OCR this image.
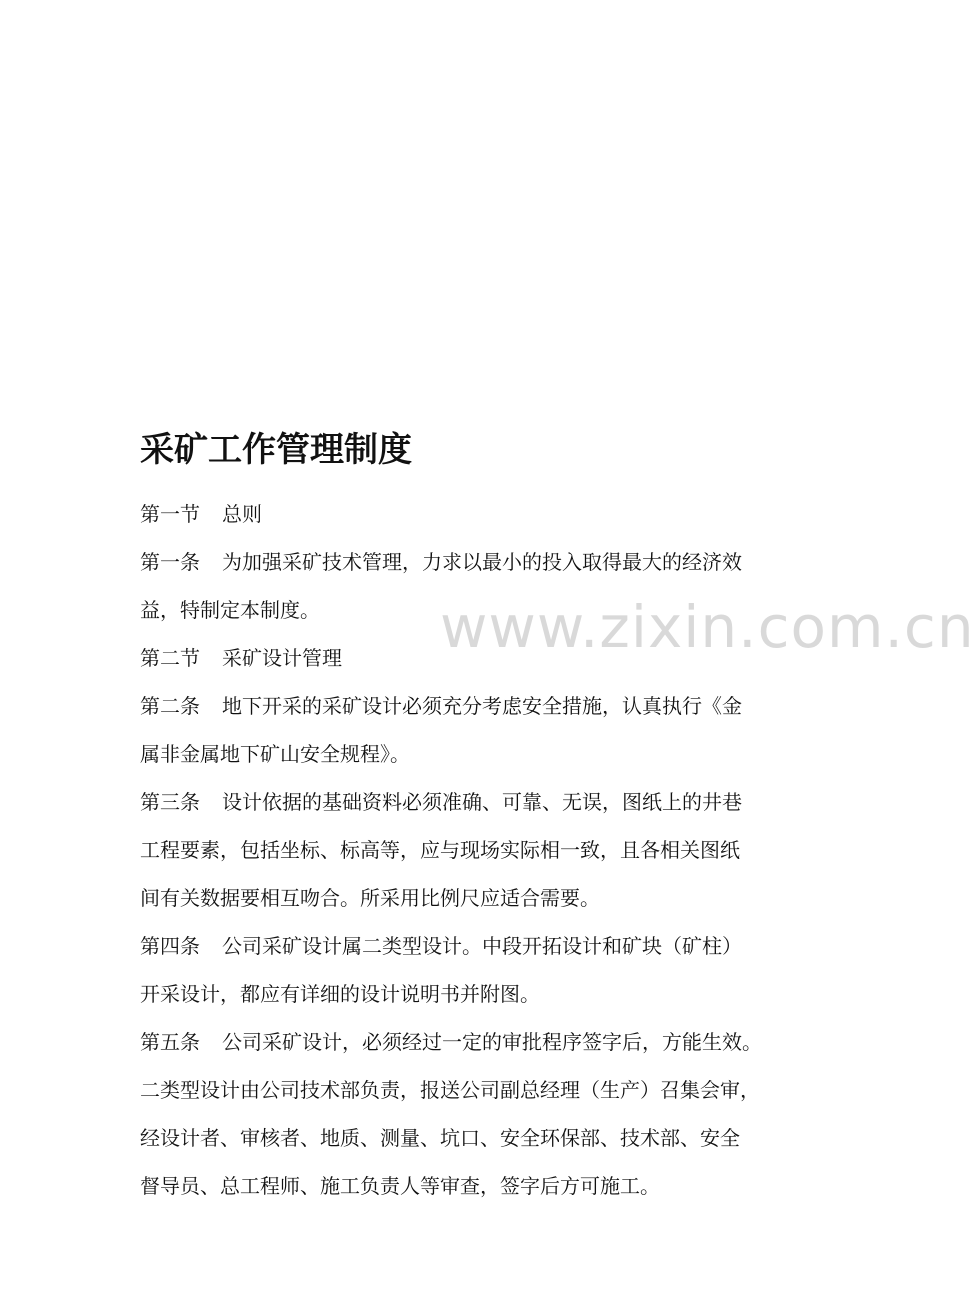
www.zixin.com.cn
采矿工作管理制度

第一节 总则

第一条 为加强采矿技术管理，力求以最小的投入取得最大的经济效

益，特制定本制度。

第二节 采矿设计管理

第二条 地下开采的采矿设计必须充分考虑安全措施，认真执行《金

属非金属地下矿山安全规程》。

第三条 设计依据的基础资料必须准确、可靠、无误，图纸上的井巷

工程要素，包括坐标、标高等，应与现场实际相一致，且各相关图纸

间有关数据要相互吻合。所采用比例尺应适合需要。

第四条 公司采矿设计属二类型设计。中段开拓设计和矿块（矿柱）

开采设计，都应有详细的设计说明书并附图。

第五条 公司采矿设计，必须经过一定的审批程序签字后，方能生效。

二类型设计由公司技术部负责，报送公司副总经理（生产）召集会审，

经设计者、审核者、地质、测量、坑口、安全环保部、技术部、安全

督导员、总工程师、施工负责人等审查，签字后方可施工。
